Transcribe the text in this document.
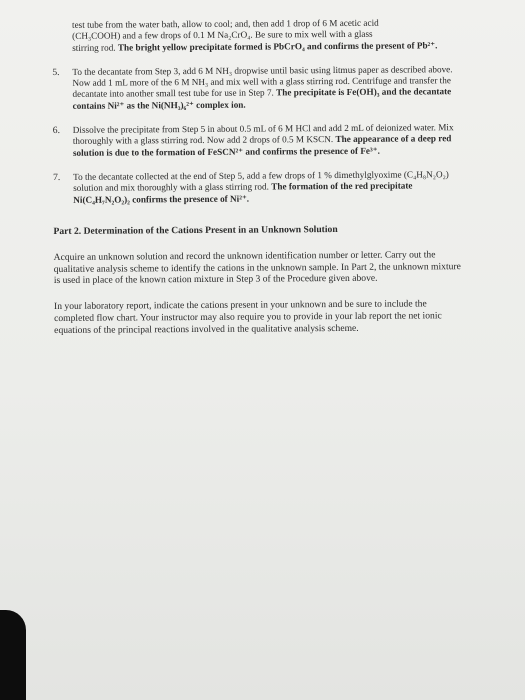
test tube from the water bath, allow to cool; and, then add 1 drop of 6 M acetic acid
(CH₃COOH) and a few drops of 0.1 M Na₂CrO₄. Be sure to mix well with a glass
stirring rod. The bright yellow precipitate formed is PbCrO₄ and confirms the present of Pb²⁺.
5. To the decantate from Step 3, add 6 M NH₃ dropwise until basic using litmus paper as described above. Now add 1 mL more of the 6 M NH₃ and mix well with a glass stirring rod. Centrifuge and transfer the decantate into another small test tube for use in Step 7. The precipitate is Fe(OH)₃ and the decantate contains Ni²⁺ as the Ni(NH₃)₆²⁺ complex ion.
6. Dissolve the precipitate from Step 5 in about 0.5 mL of 6 M HCl and add 2 mL of deionized water. Mix thoroughly with a glass stirring rod. Now add 2 drops of 0.5 M KSCN. The appearance of a deep red solution is due to the formation of FeSCN²⁺ and confirms the presence of Fe³⁺.
7. To the decantate collected at the end of Step 5, add a few drops of 1 % dimethylglyoxime (C₄H₈N₂O₂) solution and mix thoroughly with a glass stirring rod. The formation of the red precipitate Ni(C₄H₇N₂O₂)₂ confirms the presence of Ni²⁺.
Part 2. Determination of the Cations Present in an Unknown Solution

Acquire an unknown solution and record the unknown identification number or letter. Carry out the qualitative analysis scheme to identify the cations in the unknown sample. In Part 2, the unknown mixture is used in place of the known cation mixture in Step 3 of the Procedure given above.

In your laboratory report, indicate the cations present in your unknown and be sure to include the completed flow chart. Your instructor may also require you to provide in your lab report the net ionic equations of the principal reactions involved in the qualitative analysis scheme.
